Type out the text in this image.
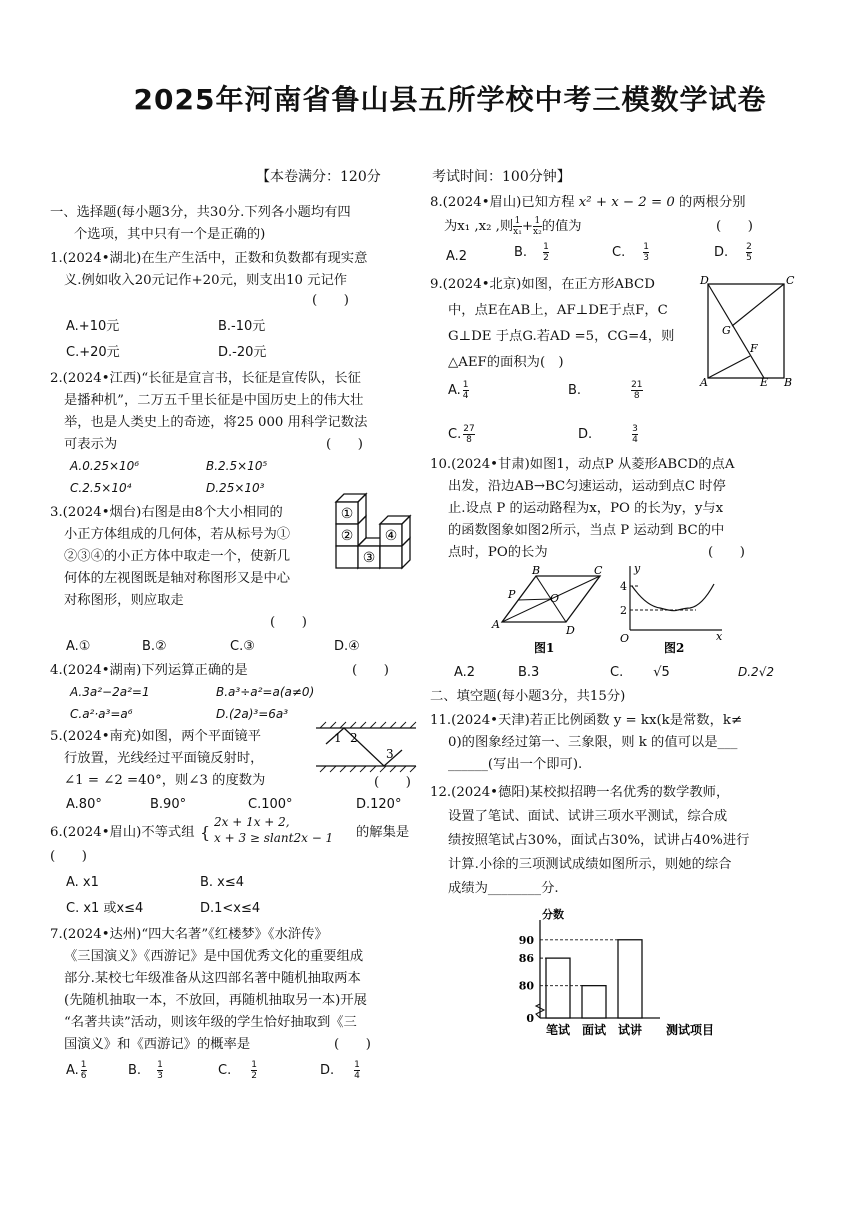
2025年河南省鲁山县五所学校中考三模数学试卷
【本卷满分：120分	考试时间：100分钟】
一、选择题(每小题3分，共30分.下列各小题均有四
个选项，其中只有一个是正确的)
1.(2024•湖北)在生产生活中，正数和负数都有现实意
义.例如收入20元记作+20元，则支出10 元记作
(　　)
A.+10元	B.-10元
C.+20元	D.-20元
2.(2024•江西)“长征是宣言书，长征是宣传队，长征
是播种机”，二万五千里长征是中国历史上的伟大壮
举，也是人类史上的奇迹，将25 000 用科学记数法
可表示为	(　　)
A.0.25×10⁶	B.2.5×10⁵
C.2.5×10⁴	D.25×10³
3.(2024•烟台)右图是由8个大小相同的
小正方体组成的几何体，若从标号为①
②③④的小正方体中取走一个，使新几
何体的左视图既是轴对称图形又是中心
对称图形，则应取走
(　　)
①
②
③
④
A.①	B.②	C.③	D.④
4.(2024•湖南)下列运算正确的是	(　　)
A.3a²−2a²=1	B.a³÷a²=a(a≠0)
C.a²·a³=a⁶	D.(2a)³=6a³
5.(2024•南充)如图，两个平面镜平
行放置，光线经过平面镜反射时，
∠1 = ∠2 =40°，则∠3 的度数为	(　　)
1 2
3
A.80°	B.90°	C.100°	D.120°
6.(2024•眉山)不等式组 {
2x + 1x + 2,
x + 3 ≥ slant2x − 1 的解集是
(　　)
A. x1	B. x≤4
C. x1 或x≤4	D.1<x≤4
7.(2024•达州)“四大名著”《红楼梦》《水浒传》
《三国演义》《西游记》是中国优秀文化的重要组成
部分.某校七年级准备从这四部名著中随机抽取两本
(先随机抽取一本，不放回，再随机抽取另一本)开展
“名著共读”活动，则该年级的学生恰好抽取到《三
国演义》和《西游记》的概率是	(　　)
A. $\frac{1}{6}$	B. $\frac{1}{3}$	C. $\frac{1}{2}$	D. $\frac{1}{4}$
8.(2024•眉山)已知方程 x² + x − 2 = 0 的两根分别
为x₁ ,x₂ ,则 $\frac{1}{\text{x₁}} + \frac{1}{\text{x₂}}$ 的值为	(　　)
A.2	B. $\frac{1}{2}$	C. $\frac{1}{3}$	D. $\frac{2}{5}$
9.(2024•北京)如图，在正方形ABCD
中，点E在AB上，AF⊥DE于点F，C
G⊥DE 于点G.若AD =5，CG=4，则
△AEF的面积为(　)
D	C
A	E B
G
F
A. $\frac{1}{4}$	B.	$\frac{21}{8}$
C. $\frac{27}{8}$	D.	$\frac{3}{4}$
10.(2024•甘肃)如图1，动点P 从菱形ABCD的点A
出发，沿边AB→BC匀速运动，运动到点C 时停
止.设点 P 的运动路程为x，PO 的长为y，y与x
的函数图象如图2所示，当点 P 运动到 BC的中
点时，PO的长为	(　　)
A
B	C
D
P	O
图1
4
2
y
x
O
图2
A.2	B.3	C. √5	D.2√2
二、填空题(每小题3分，共15分)
11.(2024•天津)若正比例函数 y = kx(k是常数，k≠
0)的图象经过第一、三象限，则 k 的值可以是___
______(写出一个即可).
12.(2024•德阳)某校拟招聘一名优秀的数学教师，
设置了笔试、面试、试讲三项水平测试，综合成
绩按照笔试占30%，面试占30%，试讲占40%进行
计算.小徐的三项测试成绩如图所示，则她的综合
成绩为________分.
笔试 面试 试讲
0
80
86
90
分数
测试项目
